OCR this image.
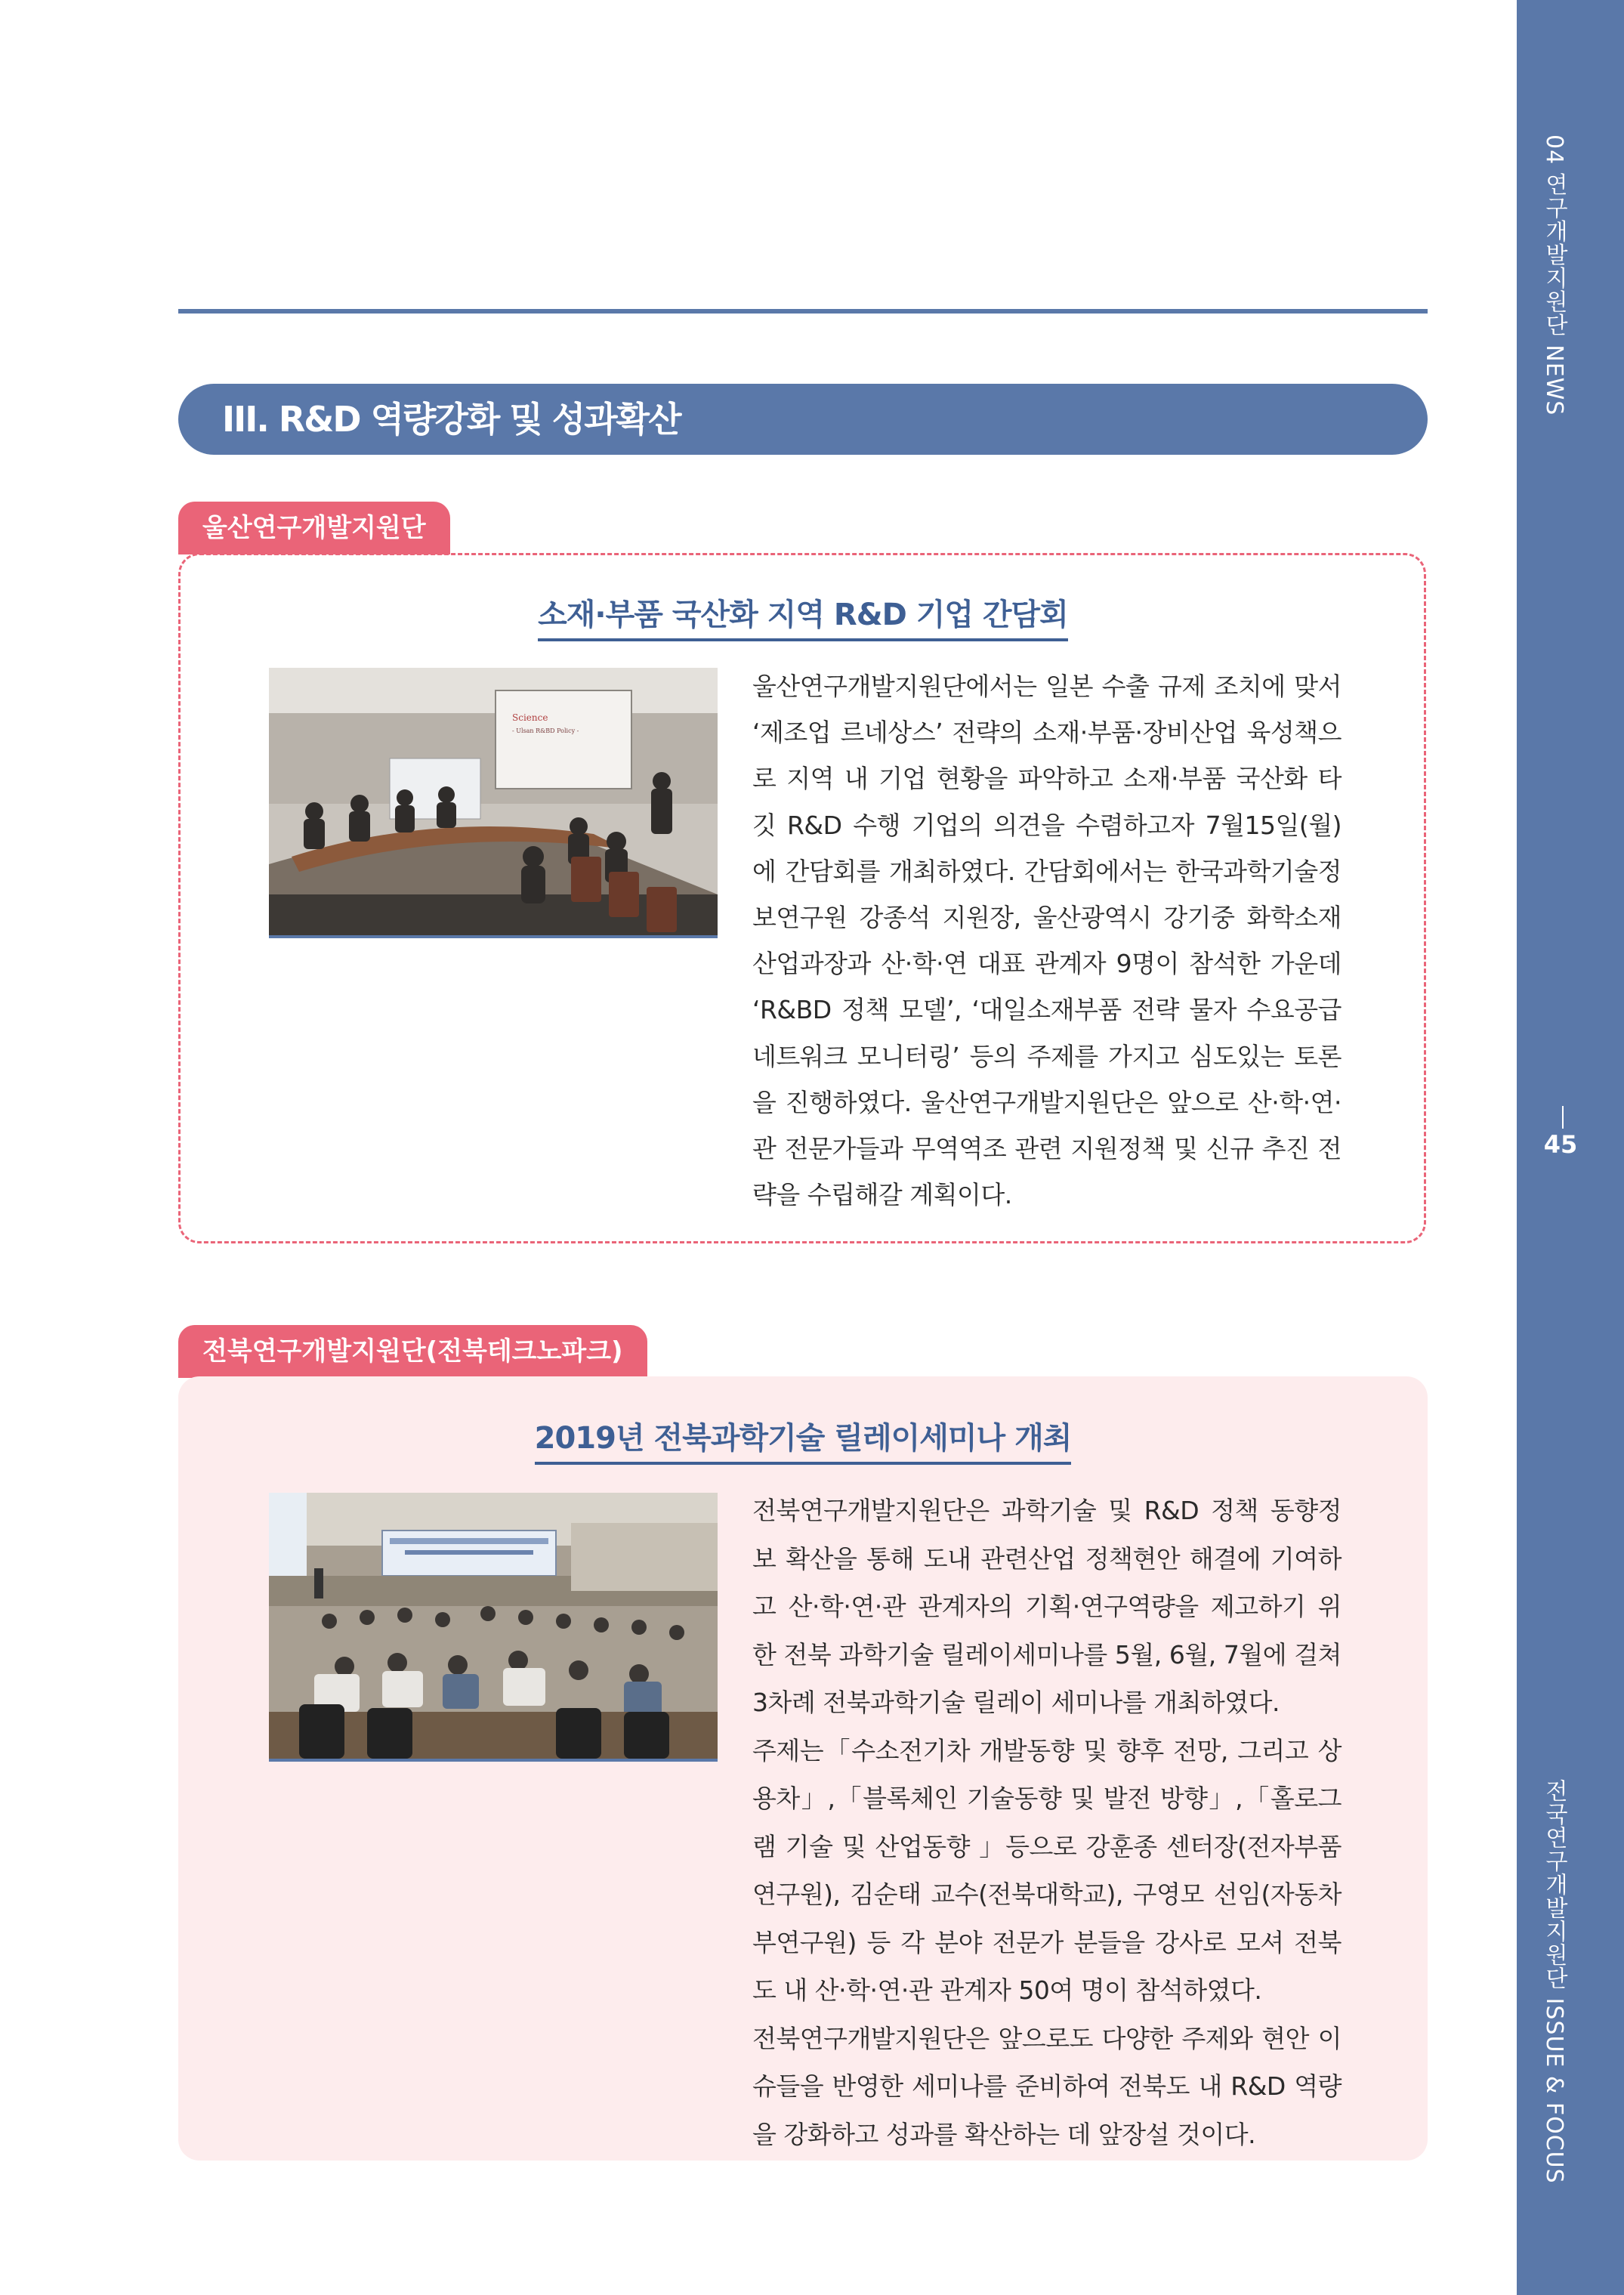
04 연구개발지원단 NEWS
45
전국연구개발지원단 ISSUE & FOCUS
III. R&D 역량강화 및 성과확산
울산연구개발지원단
소재·부품 국산화 지역 R&D 기업 간담회
Science
- Ulsan R&BD Policy -
울산연구개발지원단에서는 일본 수출 규제 조치에 맞서 ‘제조업 르네상스’ 전략의 소재·부품·장비산업 육성책으로 지역 내 기업 현황을 파악하고 소재·부품 국산화 타깃 R&D 수행 기업의 의견을 수렴하고자 7월15일(월)에 간담회를 개최하였다. 간담회에서는 한국과학기술정보연구원 강종석 지원장, 울산광역시 강기중 화학소재산업과장과 산·학·연 대표 관계자 9명이 참석한 가운데 ‘R&BD 정책 모델’, ‘대일소재부품 전략 물자 수요공급 네트워크 모니터링’ 등의 주제를 가지고 심도있는 토론을 진행하였다. 울산연구개발지원단은 앞으로 산·학·연·관 전문가들과 무역역조 관련 지원정책 및 신규 추진 전략을 수립해갈 계획이다.
전북연구개발지원단(전북테크노파크)
2019년 전북과학기술 릴레이세미나 개최

전북연구개발지원단은 과학기술 및 R&D 정책 동향정보 확산을 통해 도내 관련산업 정책현안 해결에 기여하고 산·학·연·관 관계자의 기획·연구역량을 제고하기 위한 전북 과학기술 릴레이세미나를 5월, 6월, 7월에 걸쳐 3차례 전북과학기술 릴레이 세미나를 개최하였다.

주제는「수소전기차 개발동향 및 향후 전망, 그리고 상용차」,「블록체인 기술동향 및 발전 방향」,「홀로그램 기술 및 산업동향 」등으로 강훈종 센터장(전자부품연구원), 김순태 교수(전북대학교), 구영모 선임(자동차부연구원) 등 각 분야 전문가 분들을 강사로 모셔 전북도 내 산·학·연·관 관계자 50여 명이 참석하였다.

전북연구개발지원단은 앞으로도 다양한 주제와 현안 이슈들을 반영한 세미나를 준비하여 전북도 내 R&D 역량을 강화하고 성과를 확산하는 데 앞장설 것이다.
